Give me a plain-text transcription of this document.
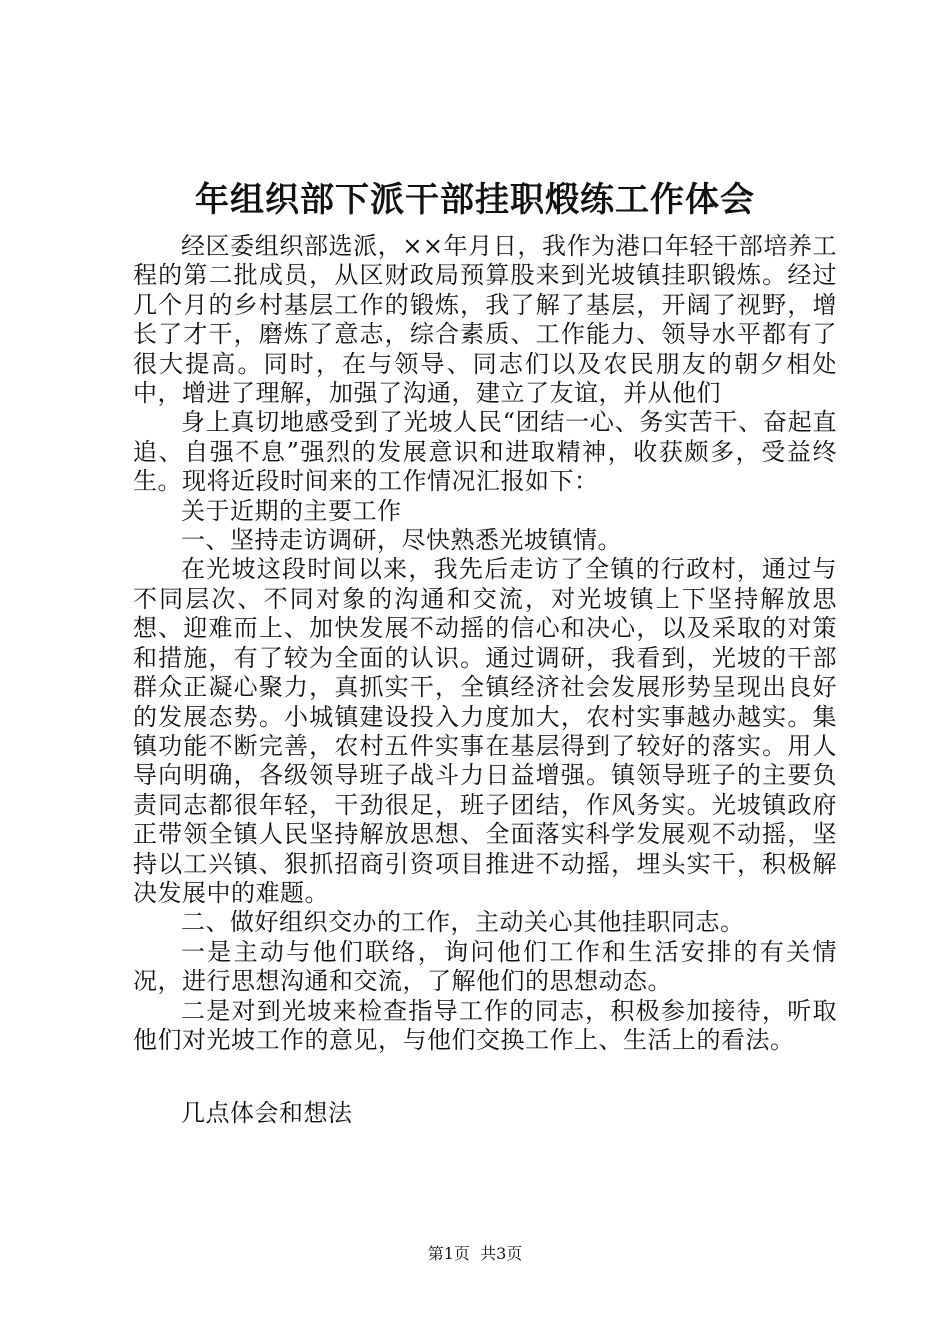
年组织部下派干部挂职煅练工作体会

经区委组织部选派，××年月日，我作为港口年轻干部培养工程的第二批成员，从区财政局预算股来到光坡镇挂职锻炼。经过几个月的乡村基层工作的锻炼，我了解了基层，开阔了视野，增长了才干，磨炼了意志，综合素质、工作能力、领导水平都有了很大提高。同时，在与领导、同志们以及农民朋友的朝夕相处中，增进了理解，加强了沟通，建立了友谊，并从他们

身上真切地感受到了光坡人民“团结一心、务实苦干、奋起直追、自强不息”强烈的发展意识和进取精神，收获颇多，受益终生。现将近段时间来的工作情况汇报如下：

关于近期的主要工作

一、坚持走访调研，尽快熟悉光坡镇情。

在光坡这段时间以来，我先后走访了全镇的行政村，通过与不同层次、不同对象的沟通和交流，对光坡镇上下坚持解放思想、迎难而上、加快发展不动摇的信心和决心，以及采取的对策和措施，有了较为全面的认识。通过调研，我看到，光坡的干部群众正凝心聚力，真抓实干，全镇经济社会发展形势呈现出良好的发展态势。小城镇建设投入力度加大，农村实事越办越实。集镇功能不断完善，农村五件实事在基层得到了较好的落实。用人导向明确，各级领导班子战斗力日益增强。镇领导班子的主要负责同志都很年轻，干劲很足，班子团结，作风务实。光坡镇政府正带领全镇人民坚持解放思想、全面落实科学发展观不动摇，坚持以工兴镇、狠抓招商引资项目推进不动摇，埋头实干，积极解决发展中的难题。

二、做好组织交办的工作，主动关心其他挂职同志。

一是主动与他们联络，询问他们工作和生活安排的有关情况，进行思想沟通和交流，了解他们的思想动态。

二是对到光坡来检查指导工作的同志，积极参加接待，听取他们对光坡工作的意见，与他们交换工作上、生活上的看法。

几点体会和想法

第1页 共3页
